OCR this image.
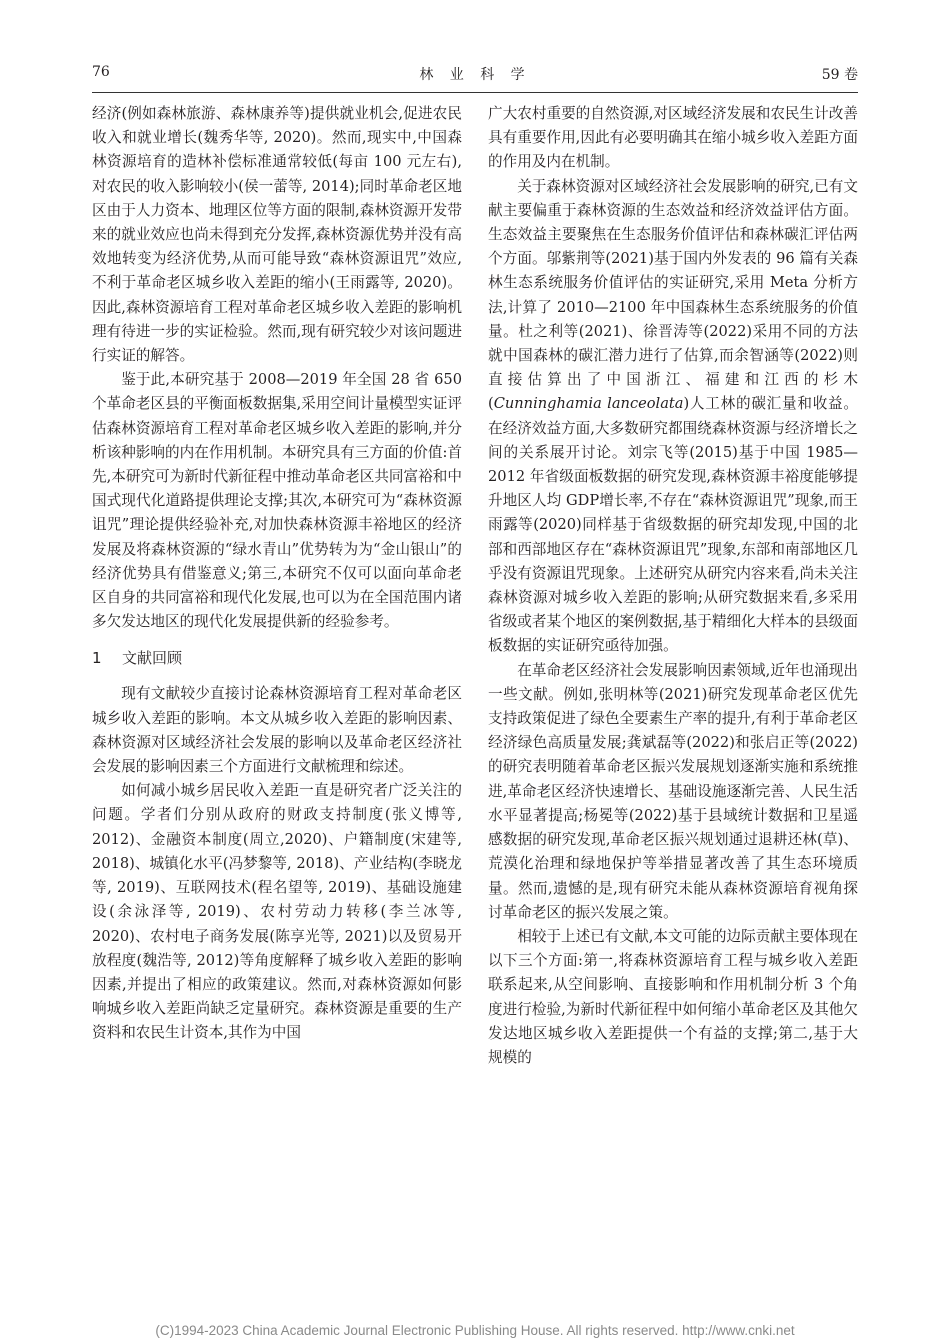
76	林 业 科 学	59 卷

经济(例如森林旅游、森林康养等)提供就业机会,促进农民收入和就业增长(魏秀华等, 2020)。然而,现实中,中国森林资源培育的造林补偿标准通常较低(每亩 100 元左右),对农民的收入影响较小(侯一蕾等, 2014);同时革命老区地区由于人力资本、地理区位等方面的限制,森林资源开发带来的就业效应也尚未得到充分发挥,森林资源优势并没有高效地转变为经济优势,从而可能导致“森林资源诅咒”效应,不利于革命老区城乡收入差距的缩小(王雨露等, 2020)。因此,森林资源培育工程对革命老区城乡收入差距的影响机理有待进一步的实证检验。然而,现有研究较少对该问题进行实证的解答。

鉴于此,本研究基于 2008—2019 年全国 28 省 650 个革命老区县的平衡面板数据集,采用空间计量模型实证评估森林资源培育工程对革命老区城乡收入差距的影响,并分析该种影响的内在作用机制。本研究具有三方面的价值:首先,本研究可为新时代新征程中推动革命老区共同富裕和中国式现代化道路提供理论支撑;其次,本研究可为“森林资源诅咒”理论提供经验补充,对加快森林资源丰裕地区的经济发展及将森林资源的“绿水青山”优势转为为“金山银山”的经济优势具有借鉴意义;第三,本研究不仅可以面向革命老区自身的共同富裕和现代化发展,也可以为在全国范围内诸多欠发达地区的现代化发展提供新的经验参考。

1 文献回顾

现有文献较少直接讨论森林资源培育工程对革命老区城乡收入差距的影响。本文从城乡收入差距的影响因素、森林资源对区域经济社会发展的影响以及革命老区经济社会发展的影响因素三个方面进行文献梳理和综述。

如何减小城乡居民收入差距一直是研究者广泛关注的问题。学者们分别从政府的财政支持制度(张义博等, 2012)、金融资本制度(周立,2020)、户籍制度(宋建等, 2018)、城镇化水平(冯梦黎等, 2018)、产业结构(李晓龙等, 2019)、互联网技术(程名望等, 2019)、基础设施建设(余泳泽等, 2019)、农村劳动力转移(李兰冰等, 2020)、农村电子商务发展(陈享光等, 2021)以及贸易开放程度(魏浩等, 2012)等角度解释了城乡收入差距的影响因素,并提出了相应的政策建议。然而,对森林资源如何影响城乡收入差距尚缺乏定量研究。森林资源是重要的生产资料和农民生计资本,其作为中国

广大农村重要的自然资源,对区域经济发展和农民生计改善具有重要作用,因此有必要明确其在缩小城乡收入差距方面的作用及内在机制。

关于森林资源对区域经济社会发展影响的研究,已有文献主要偏重于森林资源的生态效益和经济效益评估方面。生态效益主要聚焦在生态服务价值评估和森林碳汇评估两个方面。邬紫荆等(2021)基于国内外发表的 96 篇有关森林生态系统服务价值评估的实证研究,采用 Meta 分析方法,计算了 2010—2100 年中国森林生态系统服务的价值量。杜之利等(2021)、徐晋涛等(2022)采用不同的方法就中国森林的碳汇潜力进行了估算,而余智涵等(2022)则直接估算出了中国浙江、福建和江西的杉木(Cunninghamia lanceolata)人工林的碳汇量和收益。在经济效益方面,大多数研究都围绕森林资源与经济增长之间的关系展开讨论。刘宗飞等(2015)基于中国 1985—2012 年省级面板数据的研究发现,森林资源丰裕度能够提升地区人均 GDP增长率,不存在“森林资源诅咒”现象,而王雨露等(2020)同样基于省级数据的研究却发现,中国的北部和西部地区存在“森林资源诅咒”现象,东部和南部地区几乎没有资源诅咒现象。上述研究从研究内容来看,尚未关注森林资源对城乡收入差距的影响;从研究数据来看,多采用省级或者某个地区的案例数据,基于精细化大样本的县级面板数据的实证研究亟待加强。

在革命老区经济社会发展影响因素领域,近年也涌现出一些文献。例如,张明林等(2021)研究发现革命老区优先支持政策促进了绿色全要素生产率的提升,有利于革命老区经济绿色高质量发展;龚斌磊等(2022)和张启正等(2022)的研究表明随着革命老区振兴发展规划逐渐实施和系统推进,革命老区经济快速增长、基础设施逐渐完善、人民生活水平显著提高;杨冕等(2022)基于县域统计数据和卫星遥感数据的研究发现,革命老区振兴规划通过退耕还林(草)、荒漠化治理和绿地保护等举措显著改善了其生态环境质量。然而,遗憾的是,现有研究未能从森林资源培育视角探讨革命老区的振兴发展之策。

相较于上述已有文献,本文可能的边际贡献主要体现在以下三个方面:第一,将森林资源培育工程与城乡收入差距联系起来,从空间影响、直接影响和作用机制分析 3 个角度进行检验,为新时代新征程中如何缩小革命老区及其他欠发达地区城乡收入差距提供一个有益的支撑;第二,基于大规模的

(C)1994-2023 China Academic Journal Electronic Publishing House. All rights reserved. http://www.cnki.net
